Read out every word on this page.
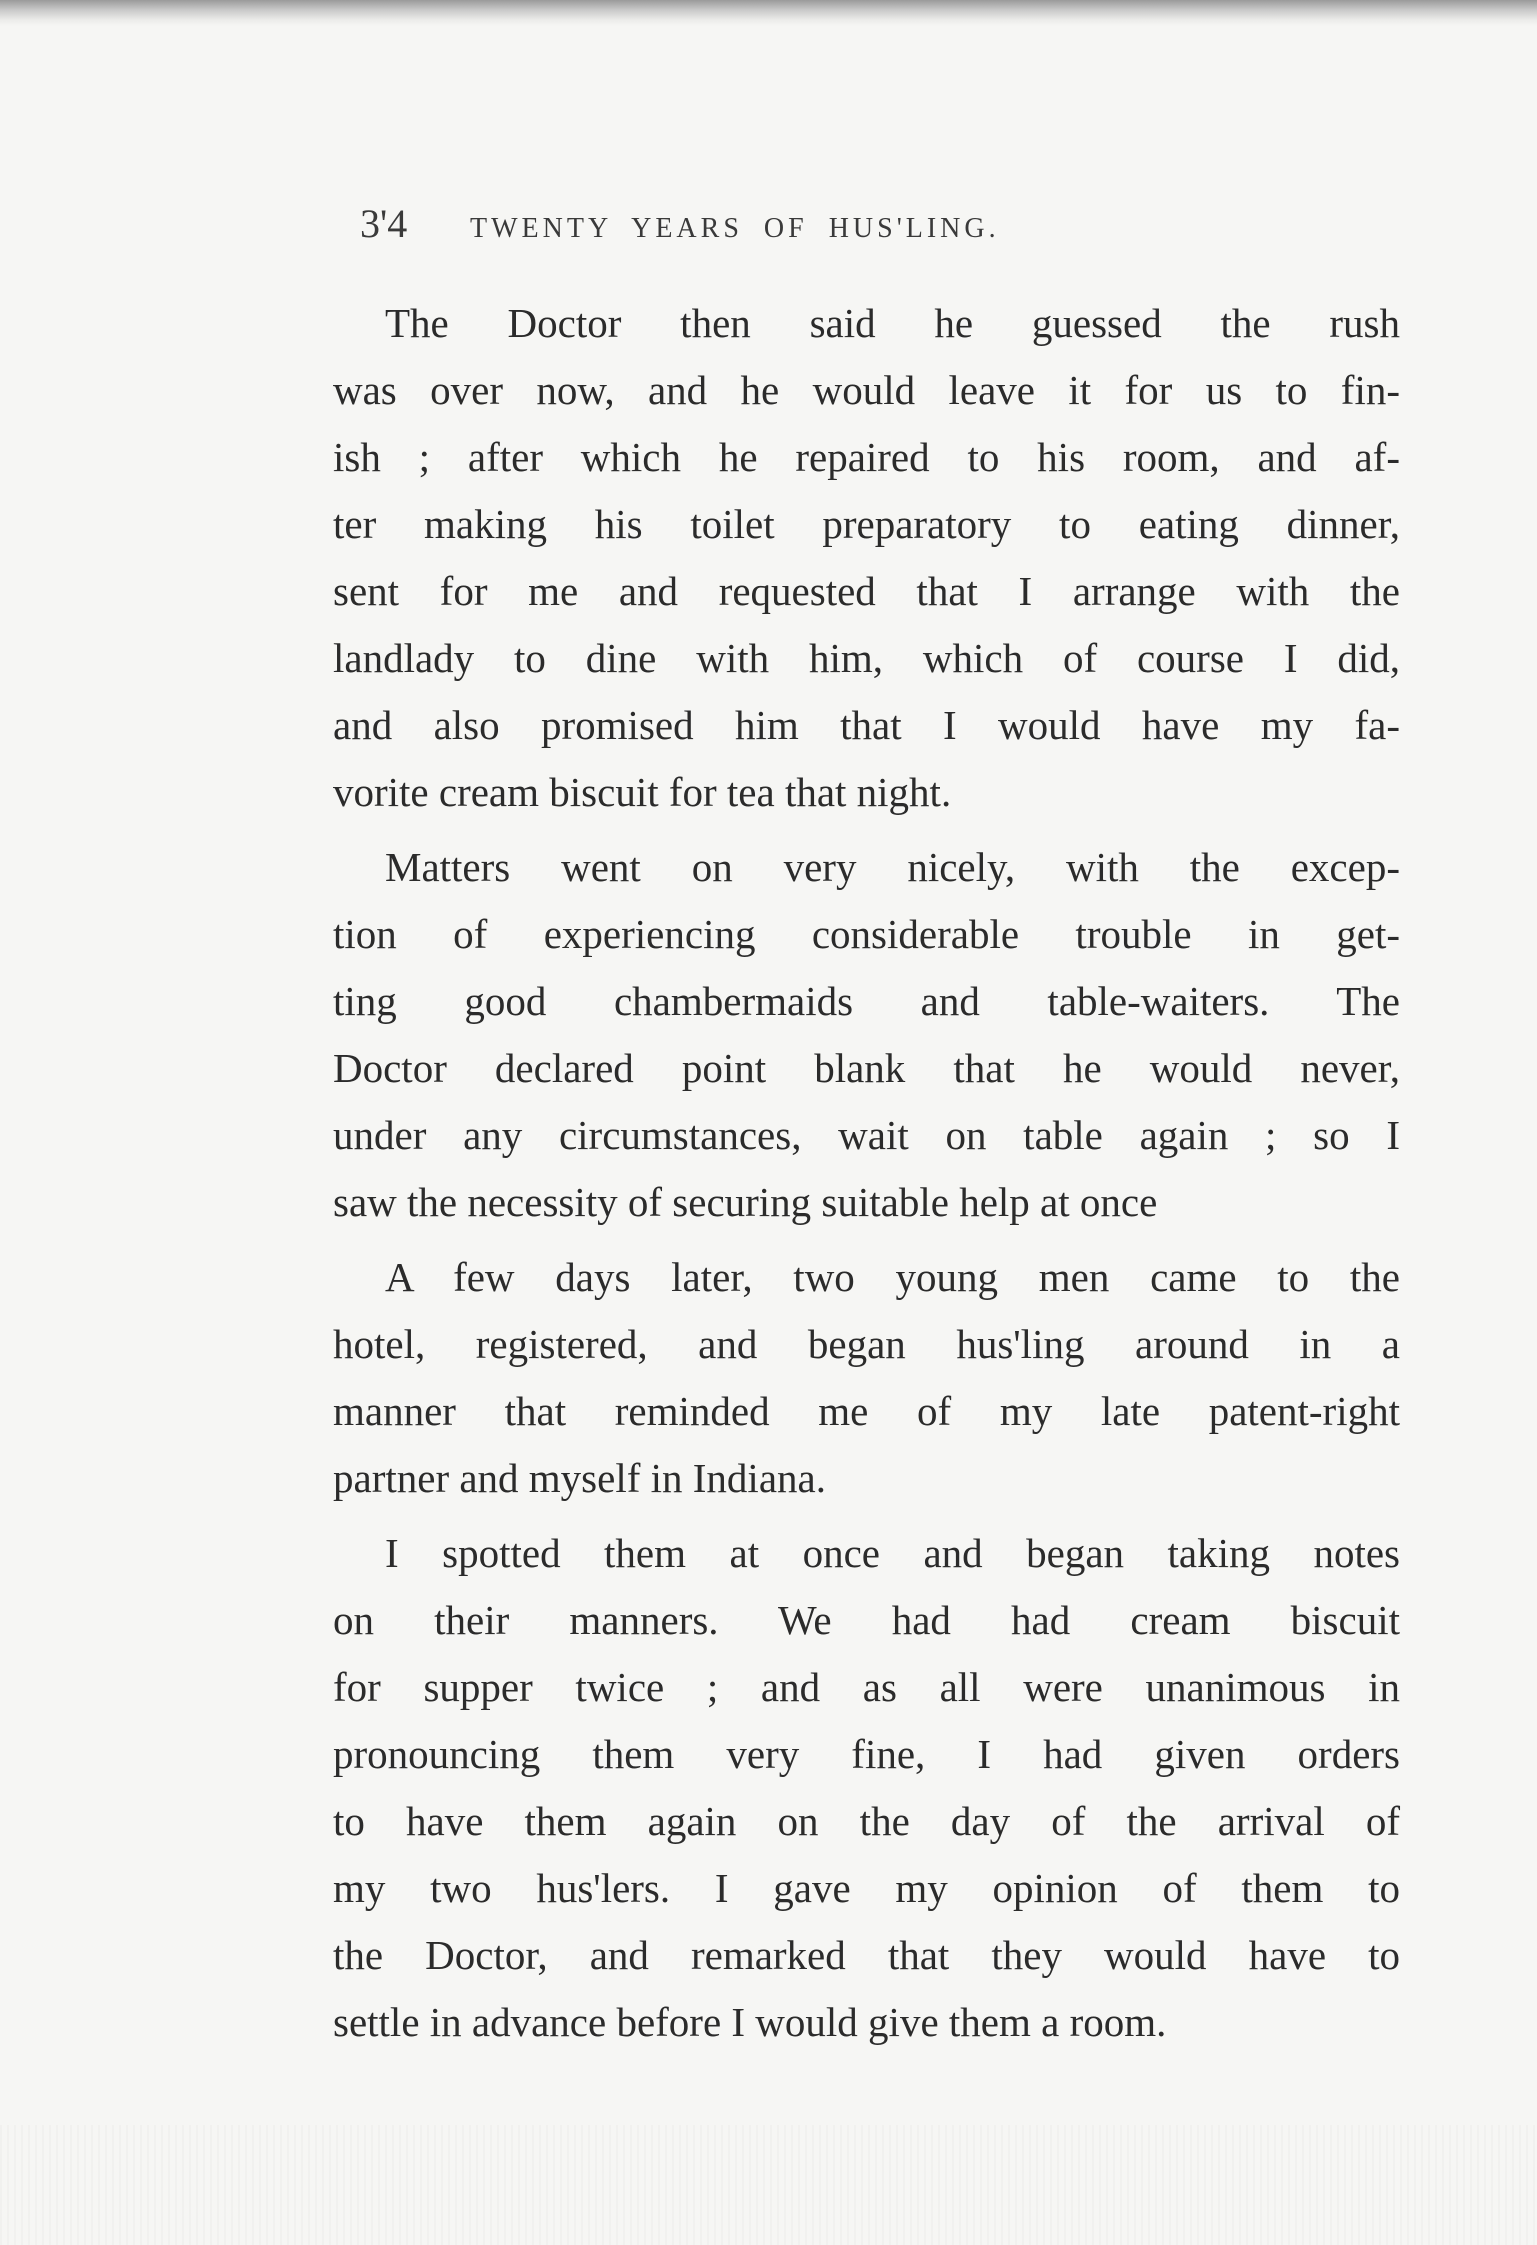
3'4	TWENTY YEARS OF HUS'LING.
The Doctor then said he guessed the rush
was over now, and he would leave it for us to fin-
ish ; after which he repaired to his room, and af-
ter making his toilet preparatory to eating dinner,
sent for me and requested that I arrange with the
landlady to dine with him, which of course I did,
and also promised him that I would have my fa-
vorite cream biscuit for tea that night.
Matters went on very nicely, with the excep-
tion of experiencing considerable trouble in get-
ting good chambermaids and table-waiters. The
Doctor declared point blank that he would never,
under any circumstances, wait on table again ; so I
saw the necessity of securing suitable help at once
A few days later, two young men came to the
hotel, registered, and began hus'ling around in a
manner that reminded me of my late patent-right
partner and myself in Indiana.
I spotted them at once and began taking notes
on their manners. We had had cream biscuit
for supper twice ; and as all were unanimous in
pronouncing them very fine, I had given orders
to have them again on the day of the arrival of
my two hus'lers. I gave my opinion of them to
the Doctor, and remarked that they would have to
settle in advance before I would give them a room.
